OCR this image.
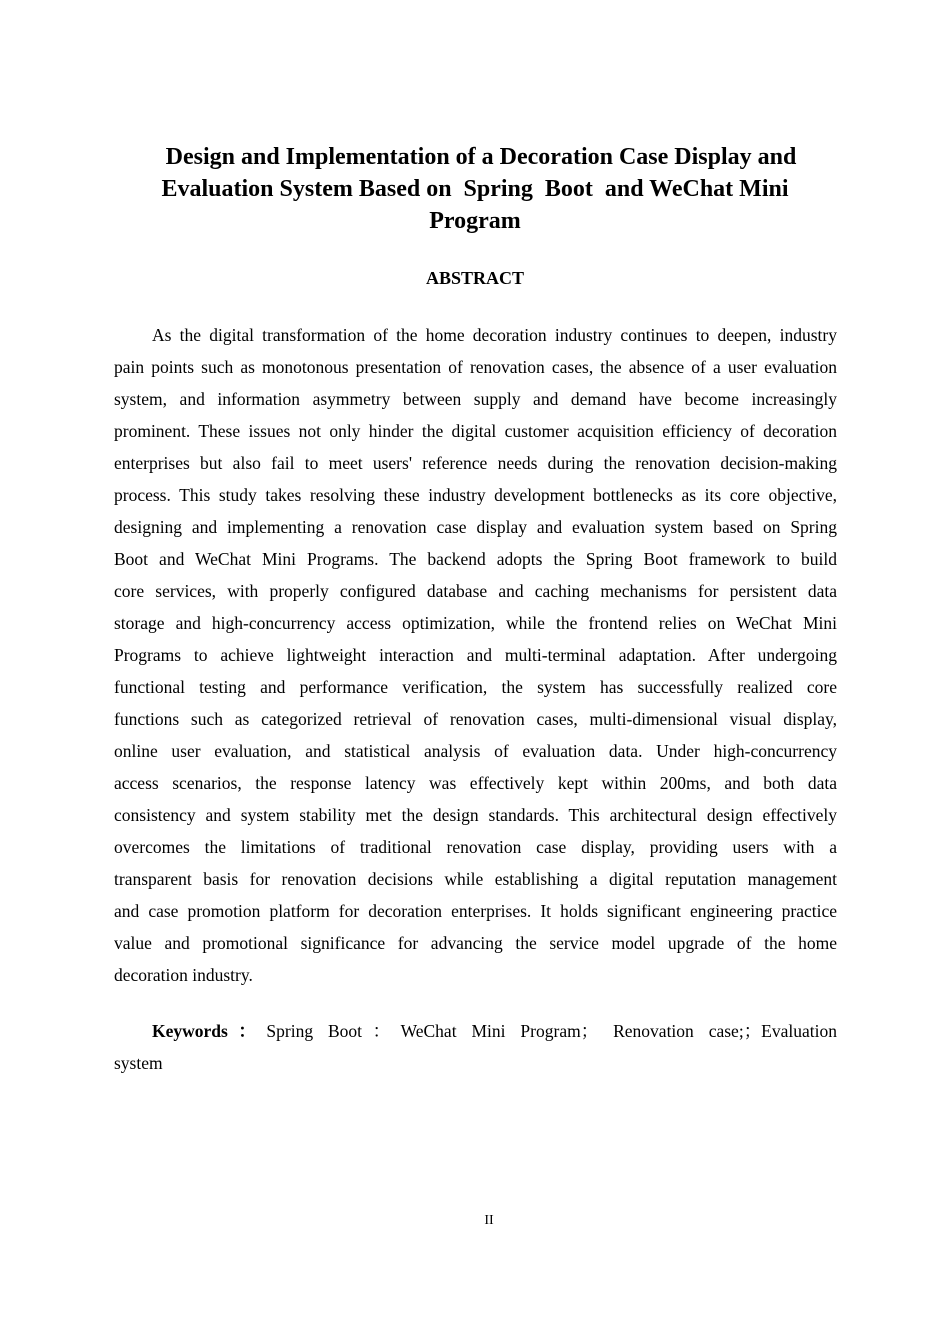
Design and Implementation of a Decoration Case Display and
Evaluation System Based on  Spring  Boot  and WeChat Mini
Program
ABSTRACT
As the digital transformation of the home decoration industry continues to deepen, industry
pain points such as monotonous presentation of renovation cases, the absence of a user evaluation
system, and information asymmetry between supply and demand have become increasingly
prominent. These issues not only hinder the digital customer acquisition efficiency of decoration
enterprises but also fail to meet users' reference needs during the renovation decision-making
process. This study takes resolving these industry development bottlenecks as its core objective,
designing and implementing a renovation case display and evaluation system based on Spring
Boot and WeChat Mini Programs. The backend adopts the Spring Boot framework to build
core services, with properly configured database and caching mechanisms for persistent data
storage and high-concurrency access optimization, while the frontend relies on WeChat Mini
Programs to achieve lightweight interaction and multi-terminal adaptation. After undergoing
functional testing and performance verification, the system has successfully realized core
functions such as categorized retrieval of renovation cases, multi-dimensional visual display,
online user evaluation, and statistical analysis of evaluation data. Under high-concurrency
access scenarios, the response latency was effectively kept within 200ms, and both data
consistency and system stability met the design standards. This architectural design effectively
overcomes the limitations of traditional renovation case display, providing users with a
transparent basis for renovation decisions while establishing a digital reputation management
and case promotion platform for decoration enterprises. It holds significant engineering practice
value and promotional significance for advancing the service model upgrade of the home
decoration industry.
Keywords：Spring Boot：WeChat Mini Program； Renovation case;；Evaluation
system
II
